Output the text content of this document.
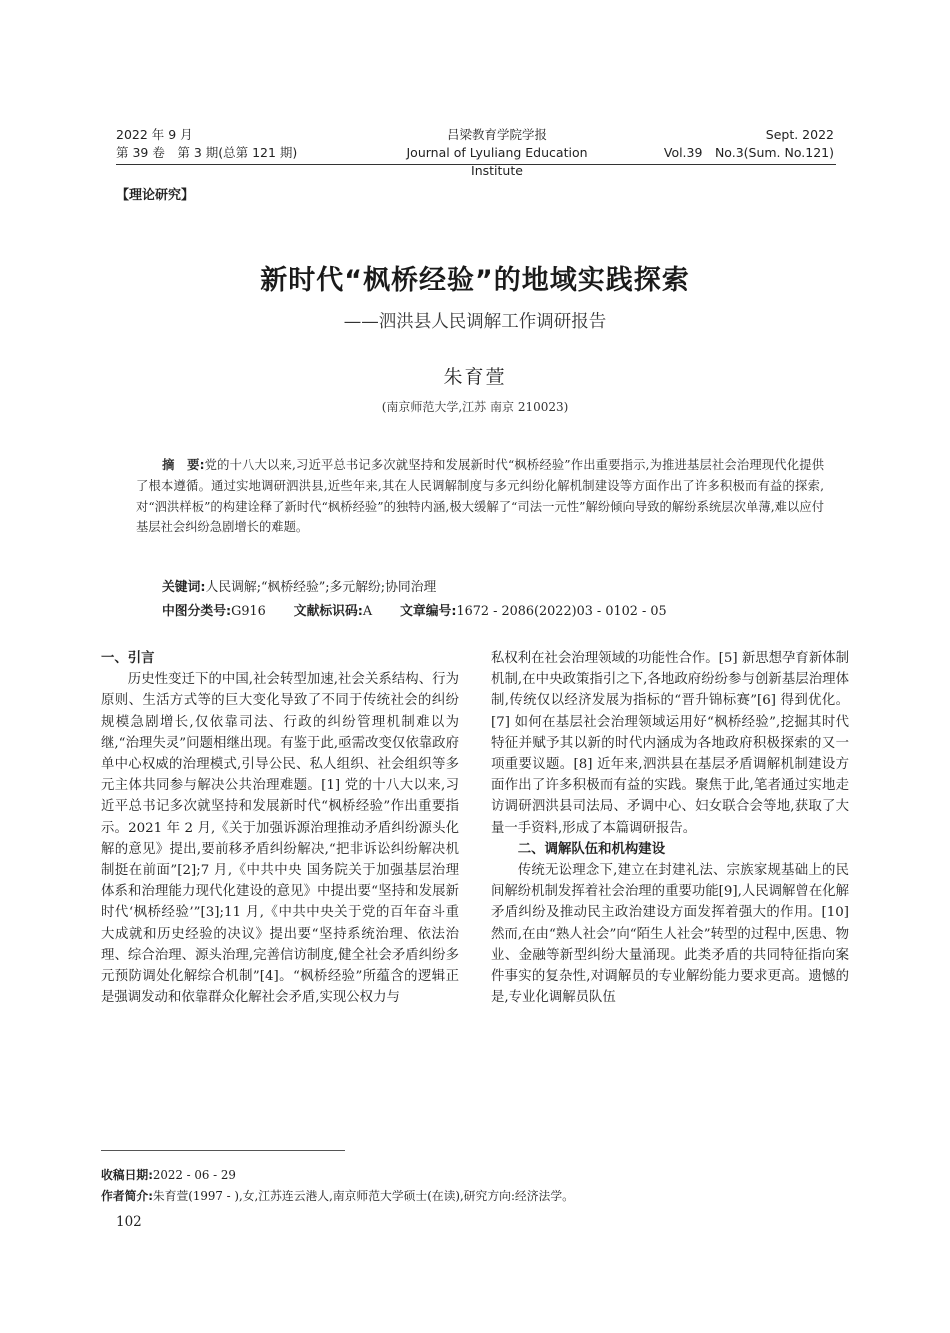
2022 年 9 月
第 39 卷　第 3 期(总第 121 期)
吕梁教育学院学报
Journal of Lyuliang Education Institute
Sept. 2022
Vol.39　No.3(Sum. No.121)
【理论研究】
新时代“枫桥经验”的地域实践探索
——泗洪县人民调解工作调研报告
朱育萱
(南京师范大学,江苏 南京 210023)
摘　要:党的十八大以来,习近平总书记多次就坚持和发展新时代“枫桥经验”作出重要指示,为推进基层社会治理现代化提供了根本遵循。通过实地调研泗洪县,近些年来,其在人民调解制度与多元纠纷化解机制建设等方面作出了许多积极而有益的探索,对“泗洪样板”的构建诠释了新时代“枫桥经验”的独特内涵,极大缓解了“司法一元性”解纷倾向导致的解纷系统层次单薄,难以应付基层社会纠纷急剧增长的难题。
关键词:人民调解;“枫桥经验”;多元解纷;协同治理
中图分类号:G916 文献标识码:A 文章编号:1672 - 2086(2022)03 - 0102 - 05
一、引言

历史性变迁下的中国,社会转型加速,社会关系结构、行为原则、生活方式等的巨大变化导致了不同于传统社会的纠纷规模急剧增长,仅依靠司法、行政的纠纷管理机制难以为继,“治理失灵”问题相继出现。有鉴于此,亟需改变仅依靠政府单中心权威的治理模式,引导公民、私人组织、社会组织等多元主体共同参与解决公共治理难题。[1] 党的十八大以来,习近平总书记多次就坚持和发展新时代“枫桥经验”作出重要指示。2021 年 2 月,《关于加强诉源治理推动矛盾纠纷源头化解的意见》提出,要前移矛盾纠纷解决,“把非诉讼纠纷解决机制挺在前面”[2];7 月,《中共中央 国务院关于加强基层治理体系和治理能力现代化建设的意见》中提出要“坚持和发展新时代‘枫桥经验’”[3];11 月,《中共中央关于党的百年奋斗重大成就和历史经验的决议》提出要“坚持系统治理、依法治理、综合治理、源头治理,完善信访制度,健全社会矛盾纠纷多元预防调处化解综合机制”[4]。“枫桥经验”所蕴含的逻辑正是强调发动和依靠群众化解社会矛盾,实现公权力与

私权利在社会治理领域的功能性合作。[5] 新思想孕育新体制机制,在中央政策指引之下,各地政府纷纷参与创新基层治理体制,传统仅以经济发展为指标的“晋升锦标赛”[6] 得到优化。[7] 如何在基层社会治理领域运用好“枫桥经验”,挖掘其时代特征并赋予其以新的时代内涵成为各地政府积极探索的又一项重要议题。[8] 近年来,泗洪县在基层矛盾调解机制建设方面作出了许多积极而有益的实践。聚焦于此,笔者通过实地走访调研泗洪县司法局、矛调中心、妇女联合会等地,获取了大量一手资料,形成了本篇调研报告。

二、调解队伍和机构建设

传统无讼理念下,建立在封建礼法、宗族家规基础上的民间解纷机制发挥着社会治理的重要功能[9],人民调解曾在化解矛盾纠纷及推动民主政治建设方面发挥着强大的作用。[10] 然而,在由“熟人社会”向“陌生人社会”转型的过程中,医患、物业、金融等新型纠纷大量涌现。此类矛盾的共同特征指向案件事实的复杂性,对调解员的专业解纷能力要求更高。遗憾的是,专业化调解员队伍

收稿日期:2022 - 06 - 29
作者简介:朱育萱(1997 - ),女,江苏连云港人,南京师范大学硕士(在读),研究方向:经济法学。
102
